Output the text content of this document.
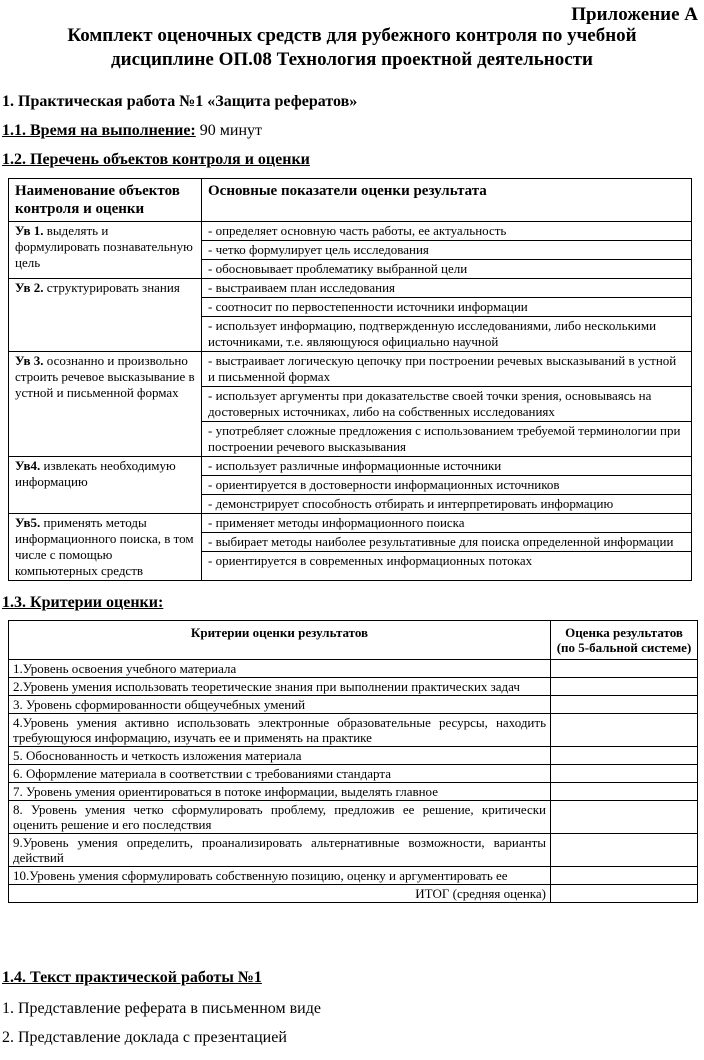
Приложение А
Комплект оценочных средств для рубежного контроля по учебной
дисциплине ОП.08 Технология проектной деятельности
1. Практическая работа №1 «Защита рефератов»
1.1. Время на выполнение: 90 минут
1.2. Перечень объектов контроля и оценки
Наименование объектов контроля и оценки	Основные показатели оценки результата
Ув 1. выделять и формулировать познавательную цель	- определяет основную часть работы, ее актуальность
- четко формулирует цель исследования
- обосновывает проблематику выбранной цели

Ув 2. структурировать знания	- выстраиваем план исследования
- соотносит по первостепенности источники информации
- использует информацию, подтвержденную исследованиями, либо несколькими источниками, т.е. являющуюся официально научной

Ув 3. осознанно и произвольно строить речевое высказывание в устной и письменной формах	- выстраивает логическую цепочку при построении речевых высказываний в устной и письменной формах
- использует аргументы при доказательстве своей точки зрения, основываясь на достоверных источниках, либо на собственных исследованиях
- употребляет сложные предложения с использованием требуемой терминологии при построении речевого высказывания

Ув4. извлекать необходимую информацию	- использует различные информационные источники
- ориентируется в достоверности информационных источников
- демонстрирует способность отбирать и интерпретировать информацию

Ув5. применять методы информационного поиска, в том числе с помощью компьютерных средств	- применяет методы информационного поиска
- выбирает методы наиболее результативные для поиска определенной информации
- ориентируется в современных информационных потоках
1.3. Критерии оценки:
Критерии оценки результатов	Оценка результатов (по 5-бальной системе)
1.Уровень освоения учебного материала	
2.Уровень умения использовать теоретические знания при выполнении практических задач	
3. Уровень сформированности общеучебных умений	
4.Уровень умения активно использовать электронные образовательные ресурсы, находить требующуюся информацию, изучать ее и применять на практике	
5. Обоснованность и четкость изложения материала	
6. Оформление материала в соответствии с требованиями стандарта	
7. Уровень умения ориентироваться в потоке информации, выделять главное	
8. Уровень умения четко сформулировать проблему, предложив ее решение, критически оценить решение и его последствия	
9.Уровень умения определить, проанализировать альтернативные возможности, варианты действий	
10.Уровень умения сформулировать собственную позицию, оценку и аргументировать ее	
ИТОГ (средняя оценка)	
1.4. Текст практической работы №1
1. Представление реферата в письменном виде
2. Представление доклада с презентацией
